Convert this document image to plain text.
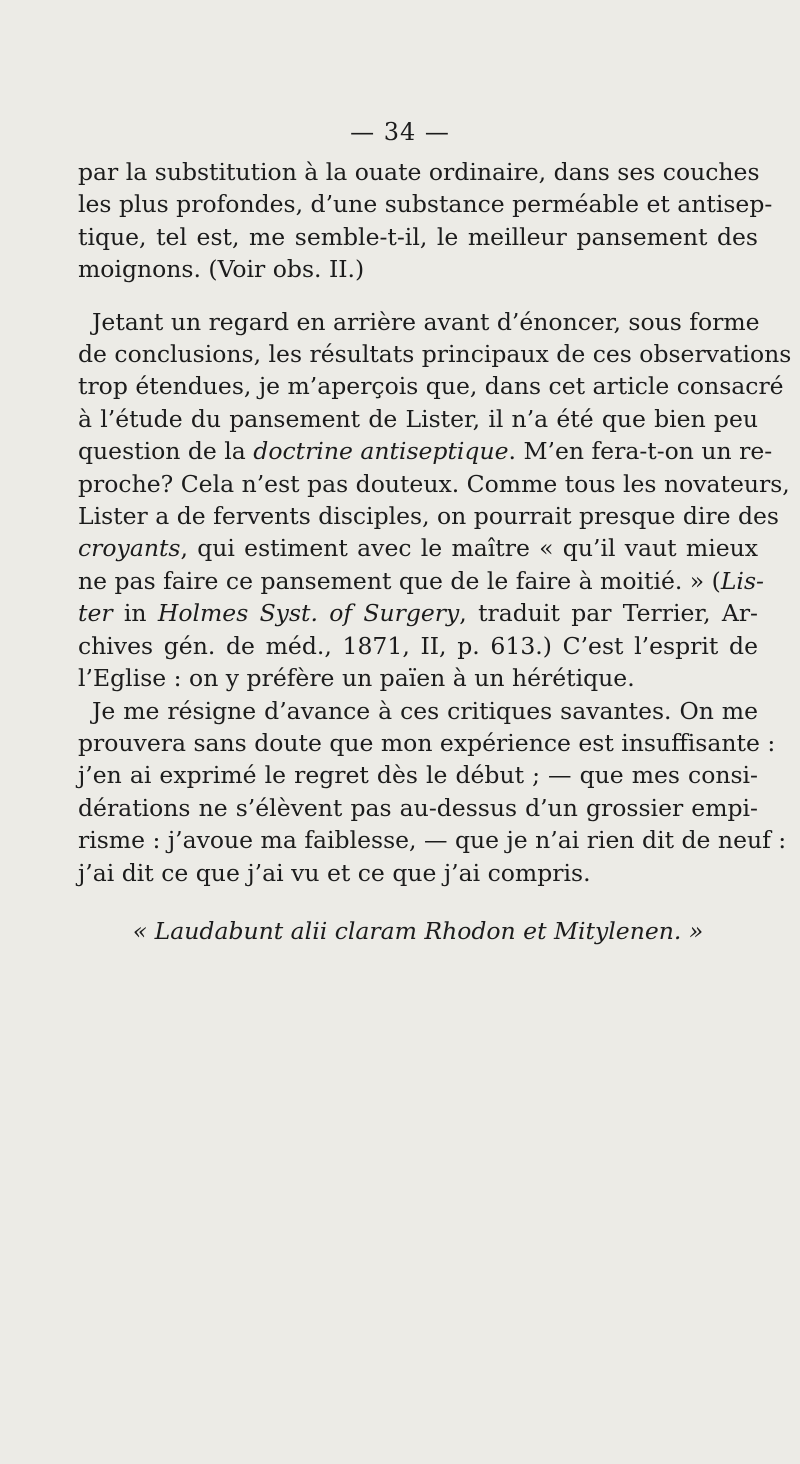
— 34 —
par la substitution à la ouate ordinaire, dans ses couches
les plus profondes, d’une substance perméable et antisep-
tique, tel est, me semble-t-il, le meilleur pansement des
moignons. (Voir obs. II.)
Jetant un regard en arrière avant d’énoncer, sous forme
de conclusions, les résultats principaux de ces observations
trop étendues, je m’aperçois que, dans cet article consacré
à l’étude du pansement de Lister, il n’a été que bien peu
question de la doctrine antiseptique. M’en fera-t-on un re-
proche? Cela n’est pas douteux. Comme tous les novateurs,
Lister a de fervents disciples, on pourrait presque dire des
croyants, qui estiment avec le maître « qu’il vaut mieux
ne pas faire ce pansement que de le faire à moitié. » (Lis-
ter in Holmes Syst. of Surgery, traduit par Terrier, Ar-
chives gén. de méd., 1871, II, p. 613.) C’est l’esprit de
l’Eglise : on y préfère un païen à un hérétique.
Je me résigne d’avance à ces critiques savantes. On me
prouvera sans doute que mon expérience est insuffisante :
j’en ai exprimé le regret dès le début ; — que mes consi-
dérations ne s’élèvent pas au-dessus d’un grossier empi-
risme : j’avoue ma faiblesse, — que je n’ai rien dit de neuf :
j’ai dit ce que j’ai vu et ce que j’ai compris.
« Laudabunt alii claram Rhodon et Mitylenen. »
